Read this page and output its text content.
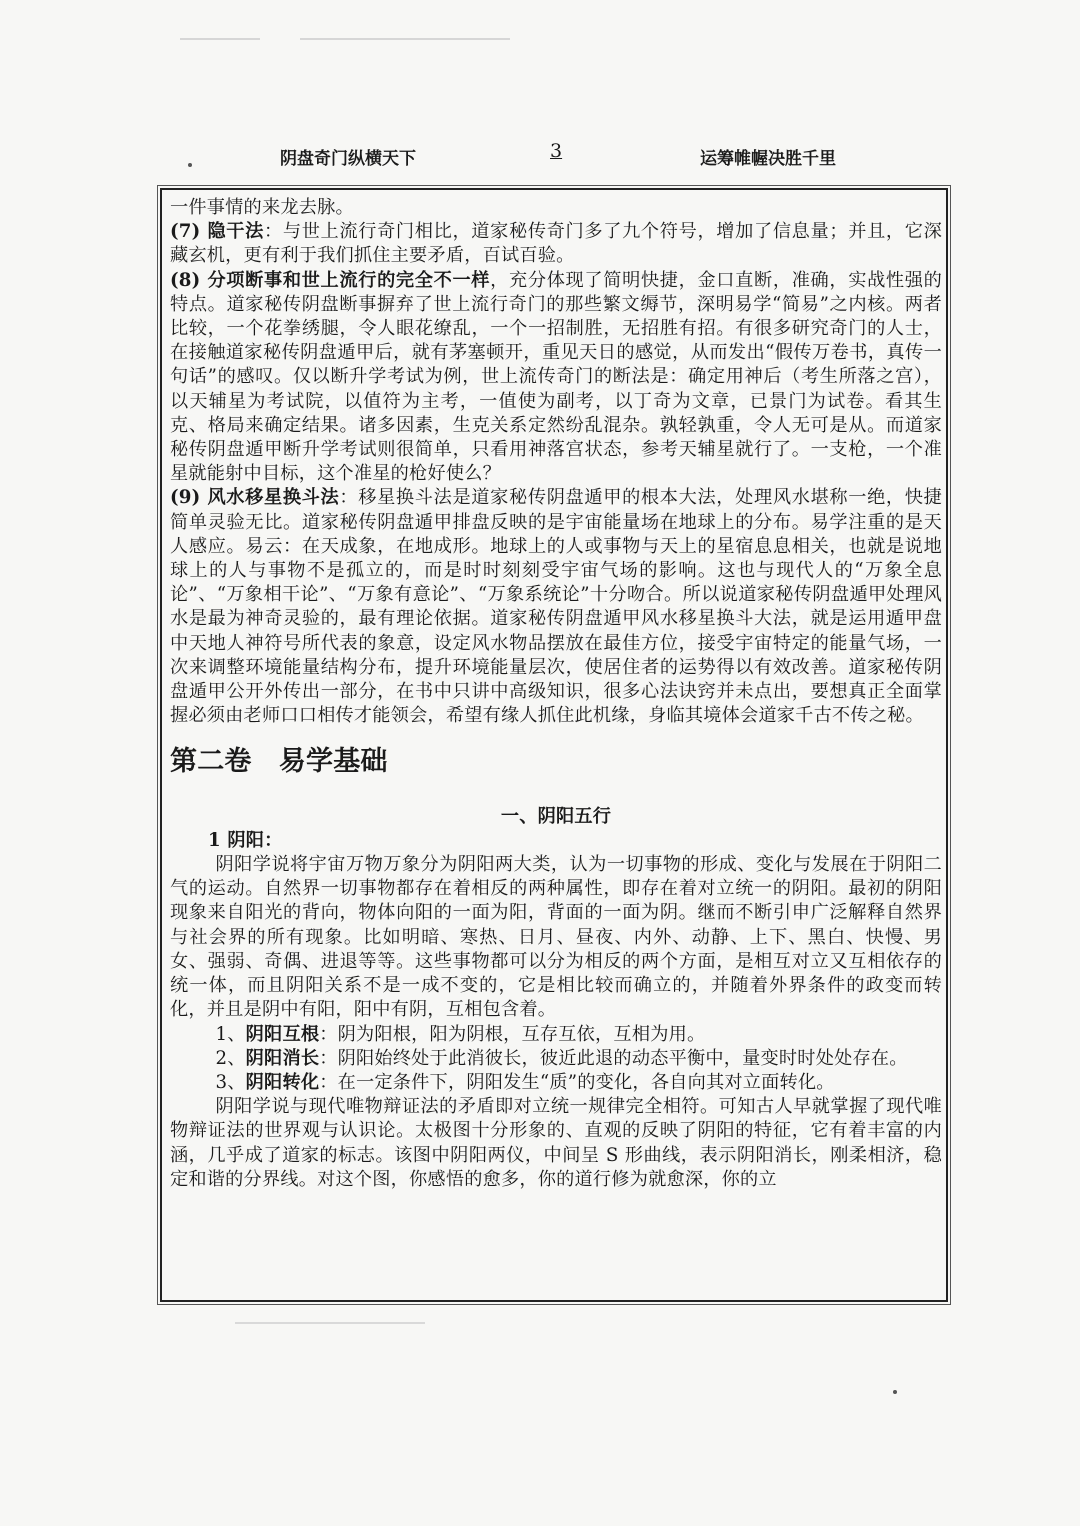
阴盘奇门纵横天下	3	运筹帷幄决胜千里

一件事情的来龙去脉。

(7) 隐干法：与世上流行奇门相比，道家秘传奇门多了九个符号，增加了信息量；并且，它深藏玄机，更有利于我们抓住主要矛盾，百试百验。

(8) 分项断事和世上流行的完全不一样，充分体现了简明快捷，金口直断，准确，实战性强的特点。道家秘传阴盘断事摒弃了世上流行奇门的那些繁文缛节，深明易学“简易”之内核。两者比较，一个花拳绣腿，令人眼花缭乱，一个一招制胜，无招胜有招。有很多研究奇门的人士，在接触道家秘传阴盘遁甲后，就有茅塞顿开，重见天日的感觉，从而发出“假传万卷书，真传一句话”的感叹。仅以断升学考试为例，世上流传奇门的断法是：确定用神后（考生所落之宫），以天辅星为考试院，以值符为主考，一值使为副考，以丁奇为文章，已景门为试卷。看其生克、格局来确定结果。诸多因素，生克关系定然纷乱混杂。孰轻孰重，令人无可是从。而道家秘传阴盘遁甲断升学考试则很简单，只看用神落宫状态，参考天辅星就行了。一支枪，一个准星就能射中目标，这个准星的枪好使么？

(9) 风水移星换斗法：移星换斗法是道家秘传阴盘遁甲的根本大法，处理风水堪称一绝，快捷简单灵验无比。道家秘传阴盘遁甲排盘反映的是宇宙能量场在地球上的分布。易学注重的是天人感应。易云：在天成象，在地成形。地球上的人或事物与天上的星宿息息相关，也就是说地球上的人与事物不是孤立的，而是时时刻刻受宇宙气场的影响。这也与现代人的“万象全息论”、“万象相干论”、“万象有意论”、“万象系统论”十分吻合。所以说道家秘传阴盘遁甲处理风水是最为神奇灵验的，最有理论依据。道家秘传阴盘遁甲风水移星换斗大法，就是运用遁甲盘中天地人神符号所代表的象意，设定风水物品摆放在最佳方位，接受宇宙特定的能量气场，一次来调整环境能量结构分布，提升环境能量层次，使居住者的运势得以有效改善。道家秘传阴盘遁甲公开外传出一部分，在书中只讲中高级知识，很多心法诀窍并未点出，要想真正全面掌握必须由老师口口相传才能领会，希望有缘人抓住此机缘，身临其境体会道家千古不传之秘。

第二卷　易学基础

一、阴阳五行

1 阴阳：

阴阳学说将宇宙万物万象分为阴阳两大类，认为一切事物的形成、变化与发展在于阴阳二气的运动。自然界一切事物都存在着相反的两种属性，即存在着对立统一的阴阳。最初的阴阳现象来自阳光的背向，物体向阳的一面为阳，背面的一面为阴。继而不断引申广泛解释自然界与社会界的所有现象。比如明暗、寒热、日月、昼夜、内外、动静、上下、黑白、快慢、男女、强弱、奇偶、进退等等。这些事物都可以分为相反的两个方面，是相互对立又互相依存的统一体，而且阴阳关系不是一成不变的，它是相比较而确立的，并随着外界条件的政变而转化，并且是阴中有阳，阳中有阴，互相包含着。

1、阴阳互根：阴为阳根，阳为阴根，互存互依，互相为用。

2、阴阳消长：阴阳始终处于此消彼长，彼近此退的动态平衡中，量变时时处处存在。

3、阴阳转化：在一定条件下，阴阳发生“质”的变化，各自向其对立面转化。

阴阳学说与现代唯物辩证法的矛盾即对立统一规律完全相符。可知古人早就掌握了现代唯物辩证法的世界观与认识论。太极图十分形象的、直观的反映了阴阳的特征，它有着丰富的内涵，几乎成了道家的标志。该图中阴阳两仪，中间呈 S 形曲线，表示阴阳消长，刚柔相济，稳定和谐的分界线。对这个图，你感悟的愈多，你的道行修为就愈深，你的立
